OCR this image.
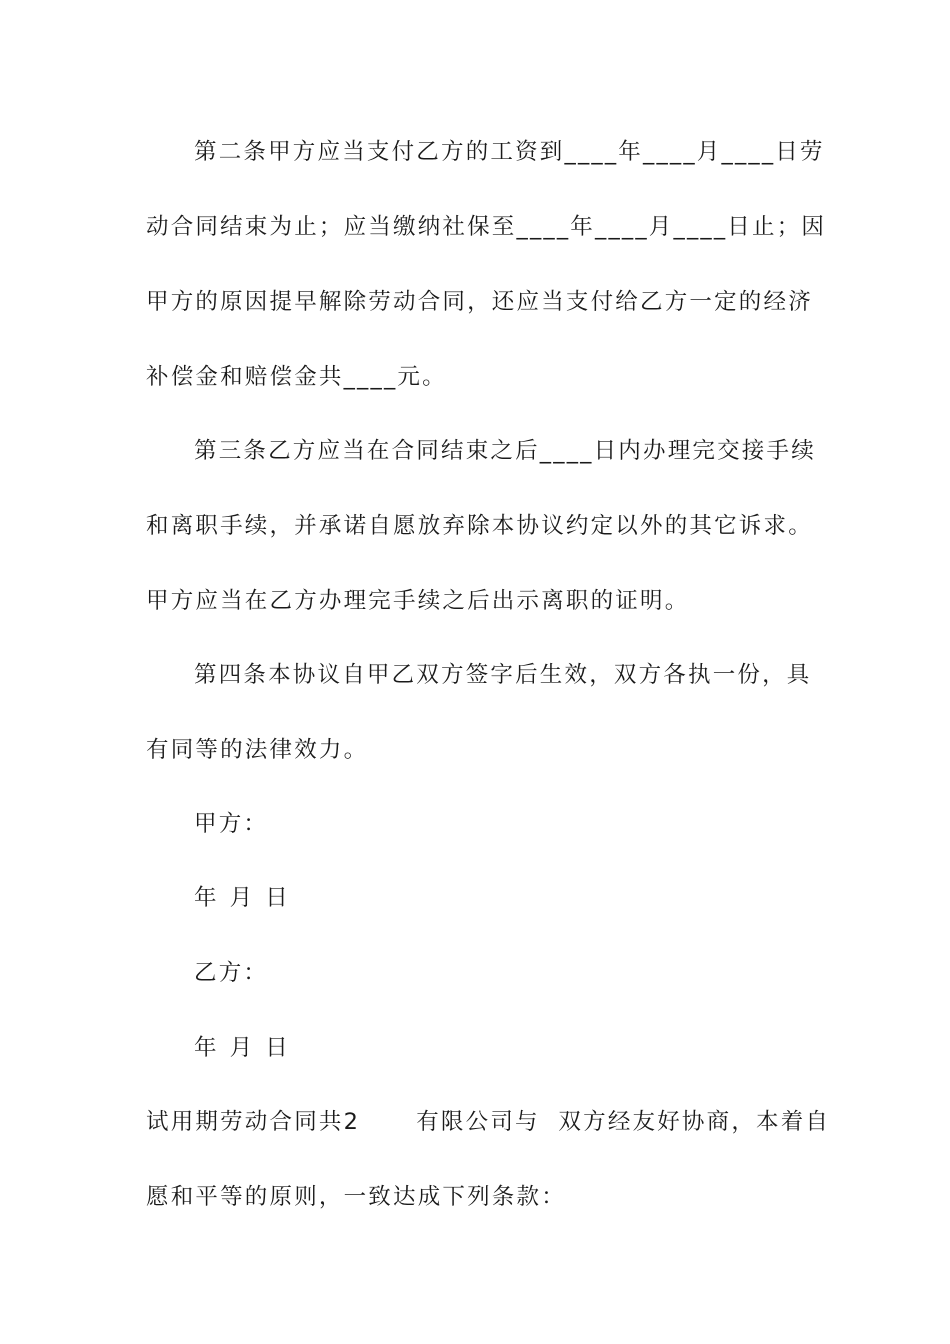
第二条甲方应当支付乙方的工资到____年____月____日劳
动合同结束为止；应当缴纳社保至____年____月____日止；因
甲方的原因提早解除劳动合同，还应当支付给乙方一定的经济
补偿金和赔偿金共____元。
第三条乙方应当在合同结束之后____日内办理完交接手续
和离职手续，并承诺自愿放弃除本协议约定以外的其它诉求。
甲方应当在乙方办理完手续之后出示离职的证明。
第四条本协议自甲乙双方签字后生效，双方各执一份，具
有同等的法律效力。
甲方：
年 月 日
乙方：
年 月 日
试用期劳动合同共2      有限公司与  双方经友好协商，本着自
愿和平等的原则，一致达成下列条款：
